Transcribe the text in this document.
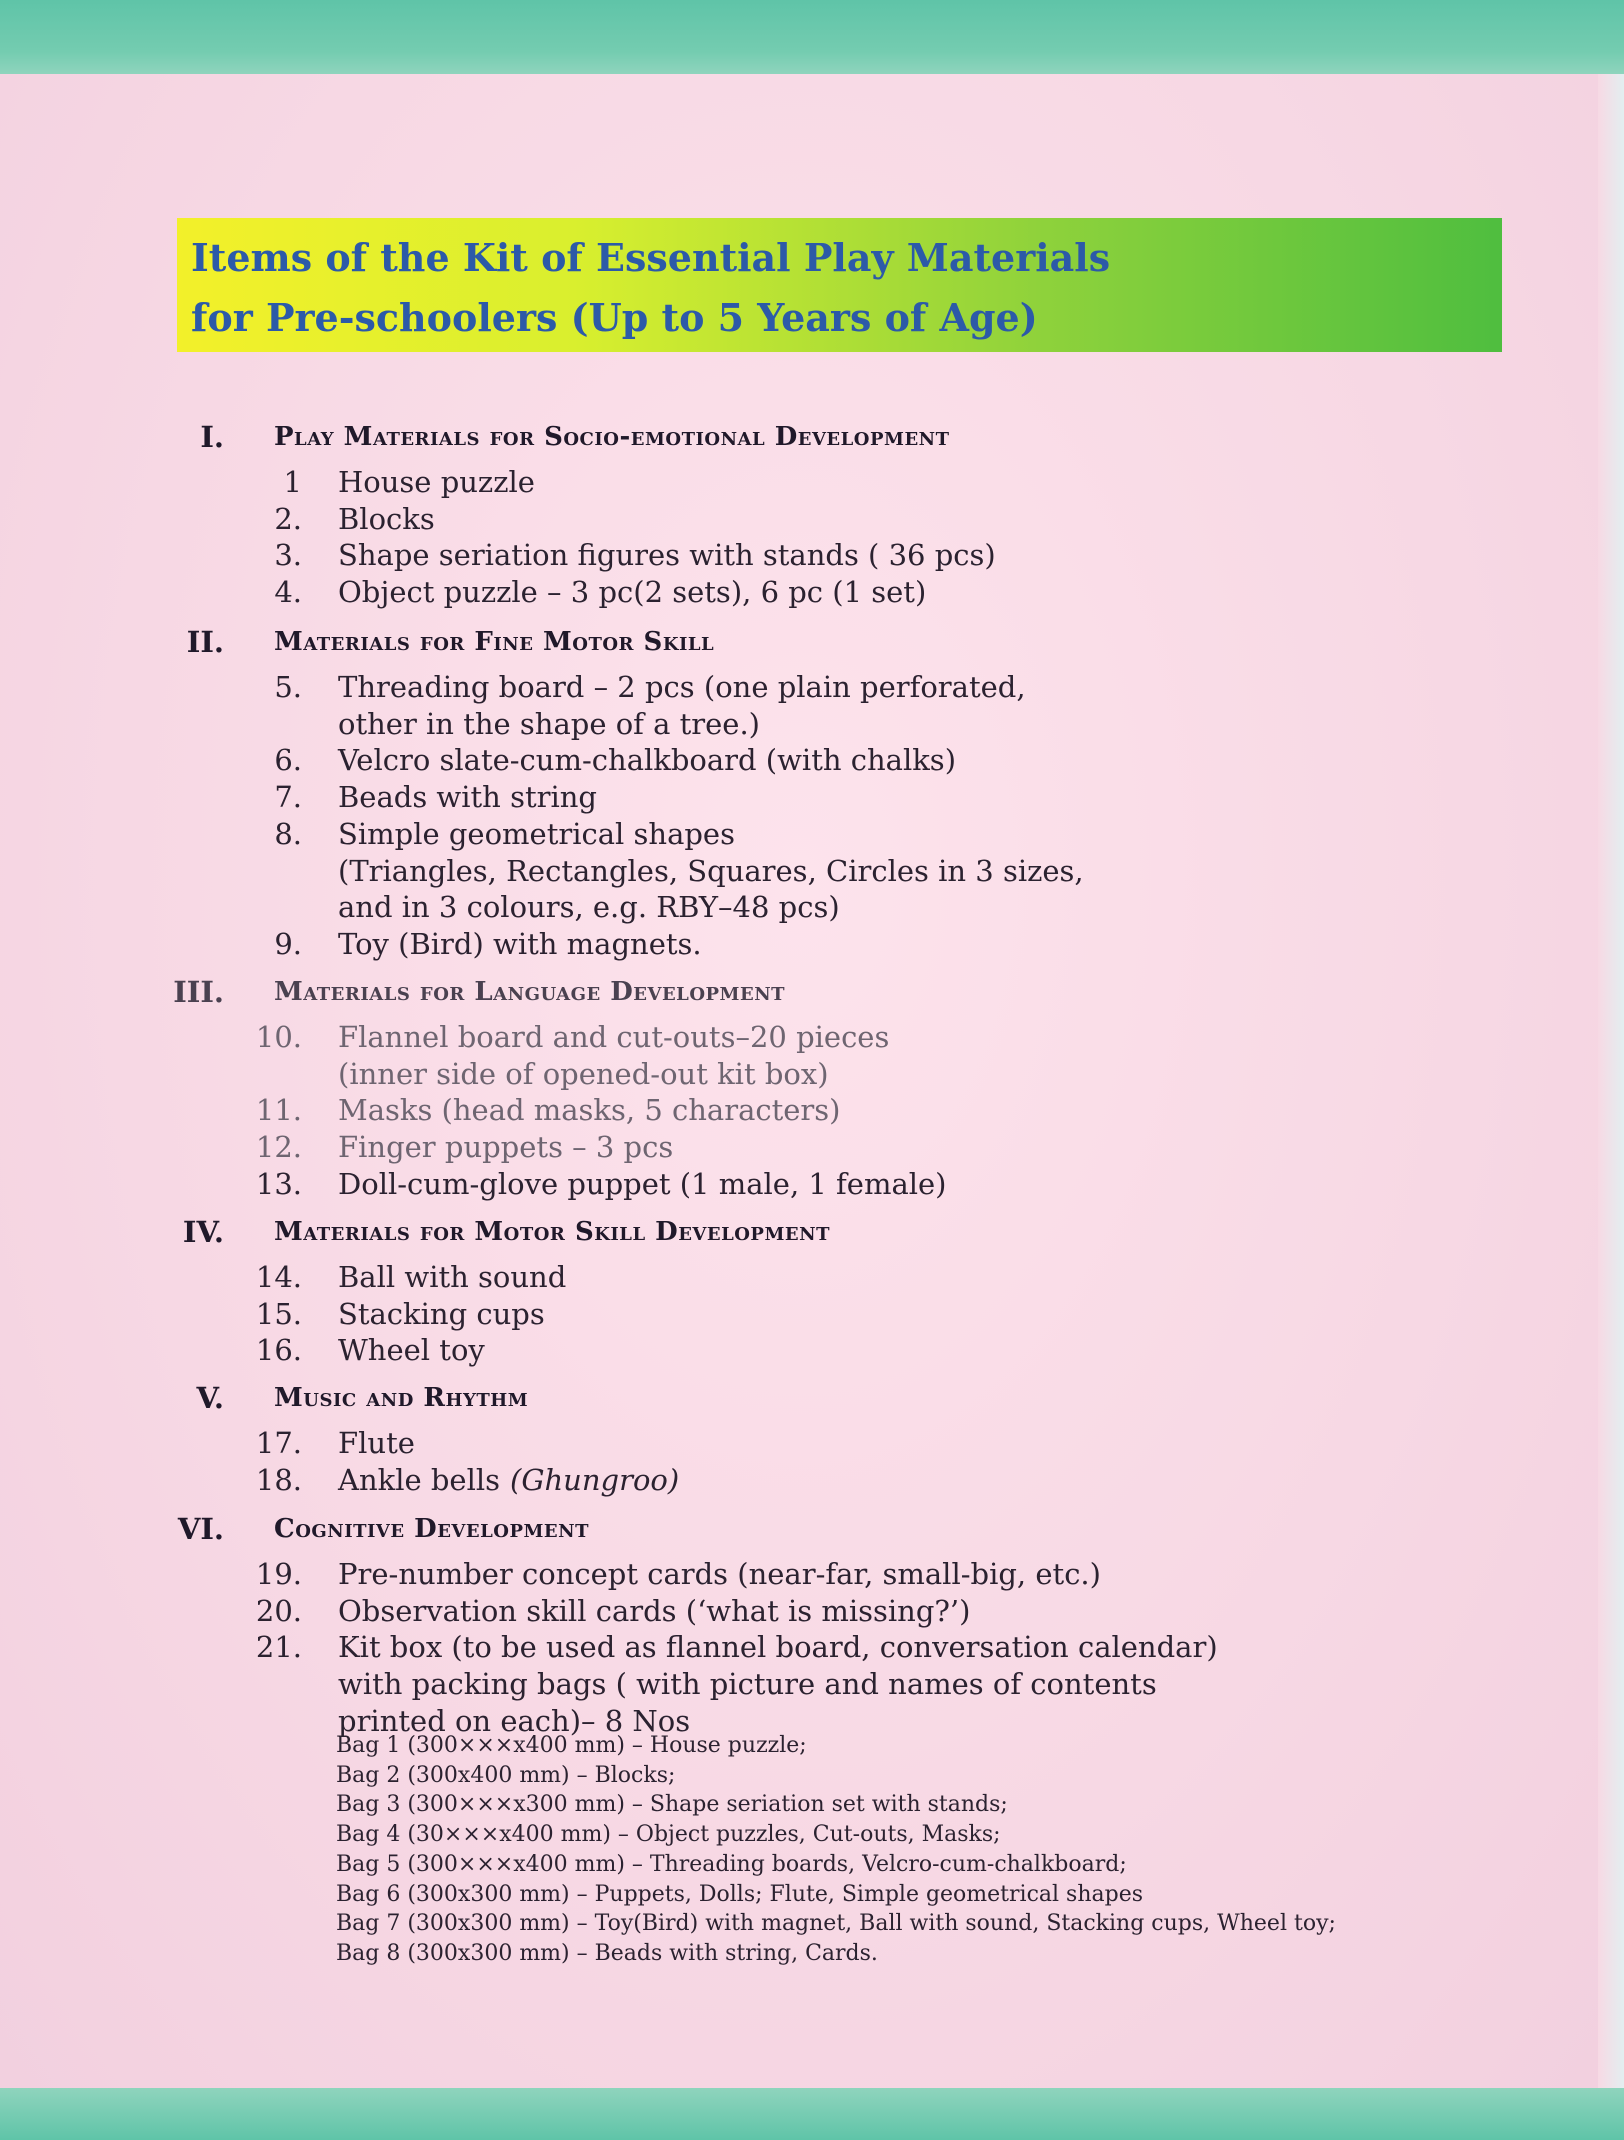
Items of the Kit of Essential Play Materials
for Pre-schoolers (Up to 5 Years of Age)
I. Play Materials for Socio-emotional Development
1 House puzzle
2. Blocks
3. Shape seriation figures with stands ( 36 pcs)
4. Object puzzle – 3 pc(2 sets), 6 pc (1 set)
II. Materials for Fine Motor Skill
5. Threading board – 2 pcs (one plain perforated,
other in the shape of a tree.)
6. Velcro slate-cum-chalkboard (with chalks)
7. Beads with string
8. Simple geometrical shapes
(Triangles, Rectangles, Squares, Circles in 3 sizes,
and in 3 colours, e.g. RBY–48 pcs)
9. Toy (Bird) with magnets.
III. Materials for Language Development
10. Flannel board and cut-outs–20 pieces
(inner side of opened-out kit box)
11. Masks (head masks, 5 characters)
12. Finger puppets – 3 pcs
13. Doll-cum-glove puppet (1 male, 1 female)
IV. Materials for Motor Skill Development
14. Ball with sound
15. Stacking cups
16. Wheel toy
V. Music and Rhythm
17. Flute
18. Ankle bells (Ghungroo)
VI. Cognitive Development
19. Pre-number concept cards (near-far, small-big, etc.)
20. Observation skill cards (‘what is missing?’)
21. Kit box (to be used as flannel board, conversation calendar)
with packing bags ( with picture and names of contents
printed on each)– 8 Nos
Bag 1 (300×××x400 mm) – House puzzle;
Bag 2 (300x400 mm) – Blocks;
Bag 3 (300×××x300 mm) – Shape seriation set with stands;
Bag 4 (30×××x400 mm) – Object puzzles, Cut-outs, Masks;
Bag 5 (300×××x400 mm) – Threading boards, Velcro-cum-chalkboard;
Bag 6 (300x300 mm) – Puppets, Dolls; Flute, Simple geometrical shapes
Bag 7 (300x300 mm) – Toy(Bird) with magnet, Ball with sound, Stacking cups, Wheel toy;
Bag 8 (300x300 mm) – Beads with string, Cards.
